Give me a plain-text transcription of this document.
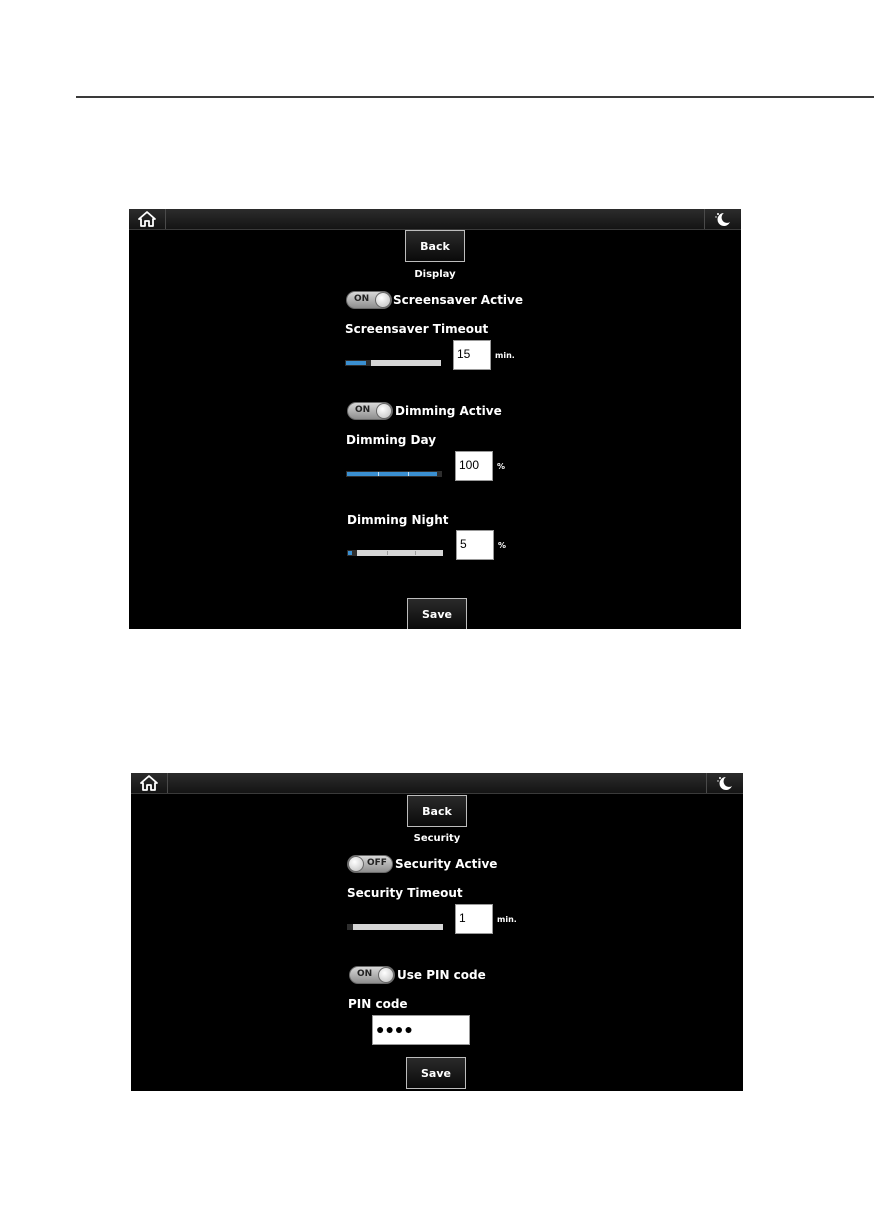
Back
Display
ON Screensaver Active
Screensaver Timeout
15	min.
ON Dimming Active
Dimming Day
100	%
Dimming Night
5	%
Save
Back
Security
OFF Security Active
Security Timeout
1	min.
ON Use PIN code
PIN code
●●●●
Save
